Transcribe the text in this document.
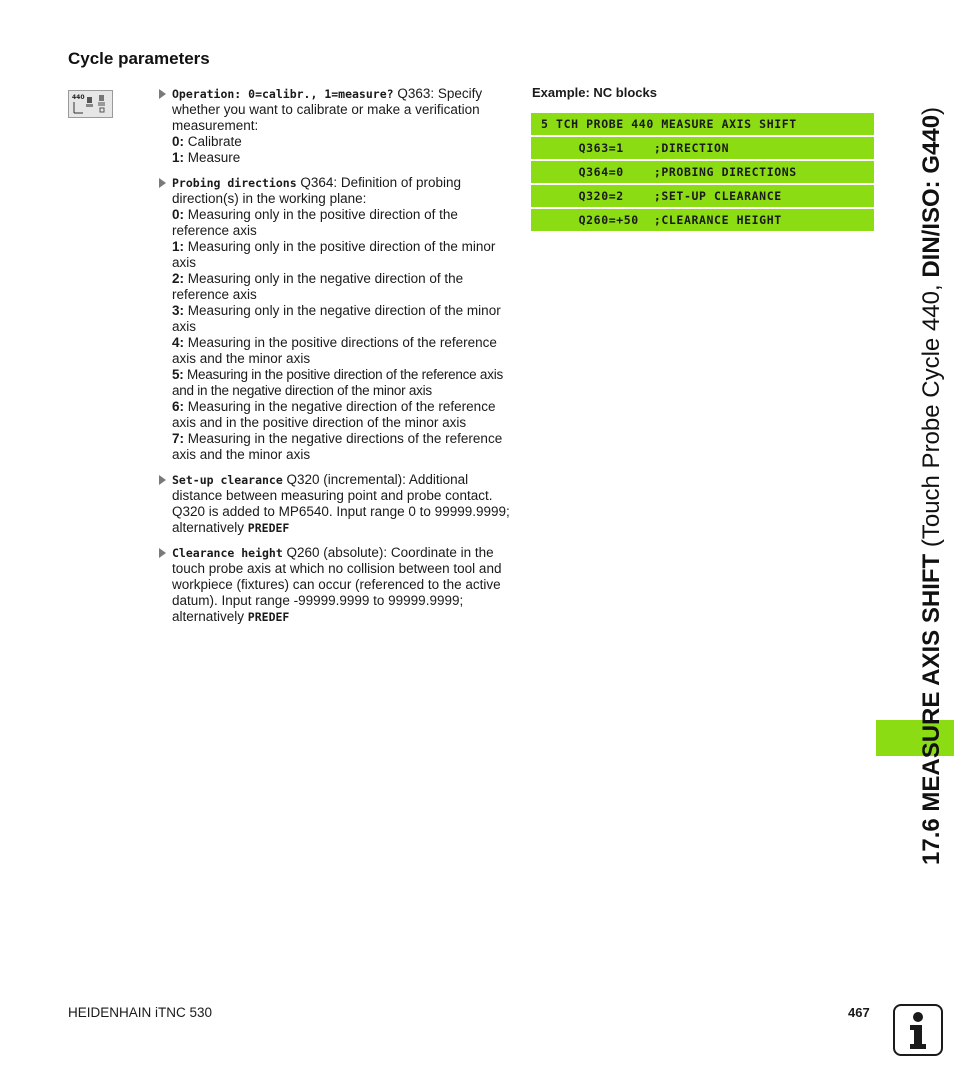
Cycle parameters
440	Operation: 0=calibr., 1=measure? Q363: Specify whether you want to calibrate or make a verification measurement:
0: Calibrate
1: Measure
Probing directions Q364: Definition of probing direction(s) in the working plane:
0: Measuring only in the positive direction of the reference axis
1: Measuring only in the positive direction of the minor axis
2: Measuring only in the negative direction of the reference axis
3: Measuring only in the negative direction of the minor axis
4: Measuring in the positive directions of the reference axis and the minor axis
5: Measuring in the positive direction of the reference axis and in the negative direction of the minor axis
6: Measuring in the negative direction of the reference axis and in the positive direction of the minor axis
7: Measuring in the negative directions of the reference axis and the minor axis
Set-up clearance Q320 (incremental): Additional distance between measuring point and probe contact. Q320 is added to MP6540. Input range 0 to 99999.9999; alternatively PREDEF
Clearance height Q260 (absolute): Coordinate in the touch probe axis at which no collision between tool and workpiece (fixtures) can occur (referenced to the active datum). Input range -99999.9999 to 99999.9999; alternatively PREDEF
Example: NC blocks
5 TCH PROBE 440 MEASURE AXIS SHIFT
Q363=1    ;DIRECTION
Q364=0    ;PROBING DIRECTIONS
Q320=2    ;SET-UP CLEARANCE
Q260=+50  ;CLEARANCE HEIGHT
17.6 MEASURE AXIS SHIFT (Touch Probe Cycle 440, DIN/ISO: G440)
HEIDENHAIN iTNC 530	467
